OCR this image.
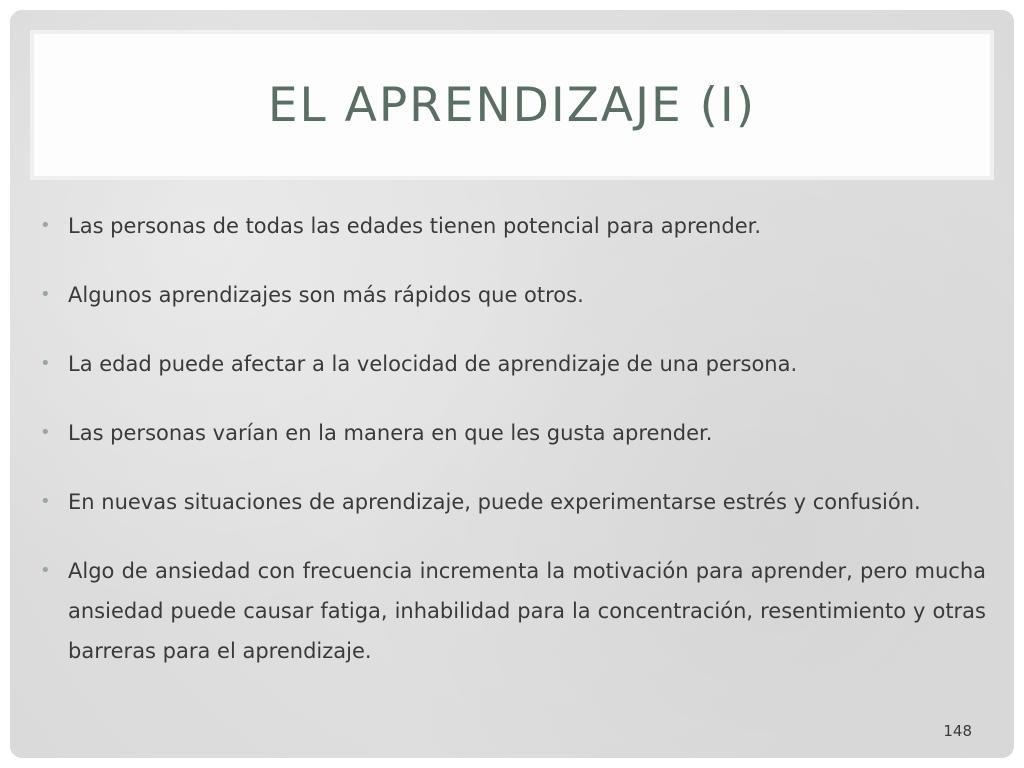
EL APRENDIZAJE (I)
• Las personas de todas las edades tienen potencial para aprender.
• Algunos aprendizajes son más rápidos que otros.
• La edad puede afectar a la velocidad de aprendizaje de una persona.
• Las personas varían en la manera en que les gusta aprender.
• En nuevas situaciones de aprendizaje, puede experimentarse estrés y confusión.
• Algo de ansiedad con frecuencia incrementa la motivación para aprender, pero mucha ansiedad puede causar fatiga, inhabilidad para la concentración, resentimiento y otras barreras para el aprendizaje.
148
